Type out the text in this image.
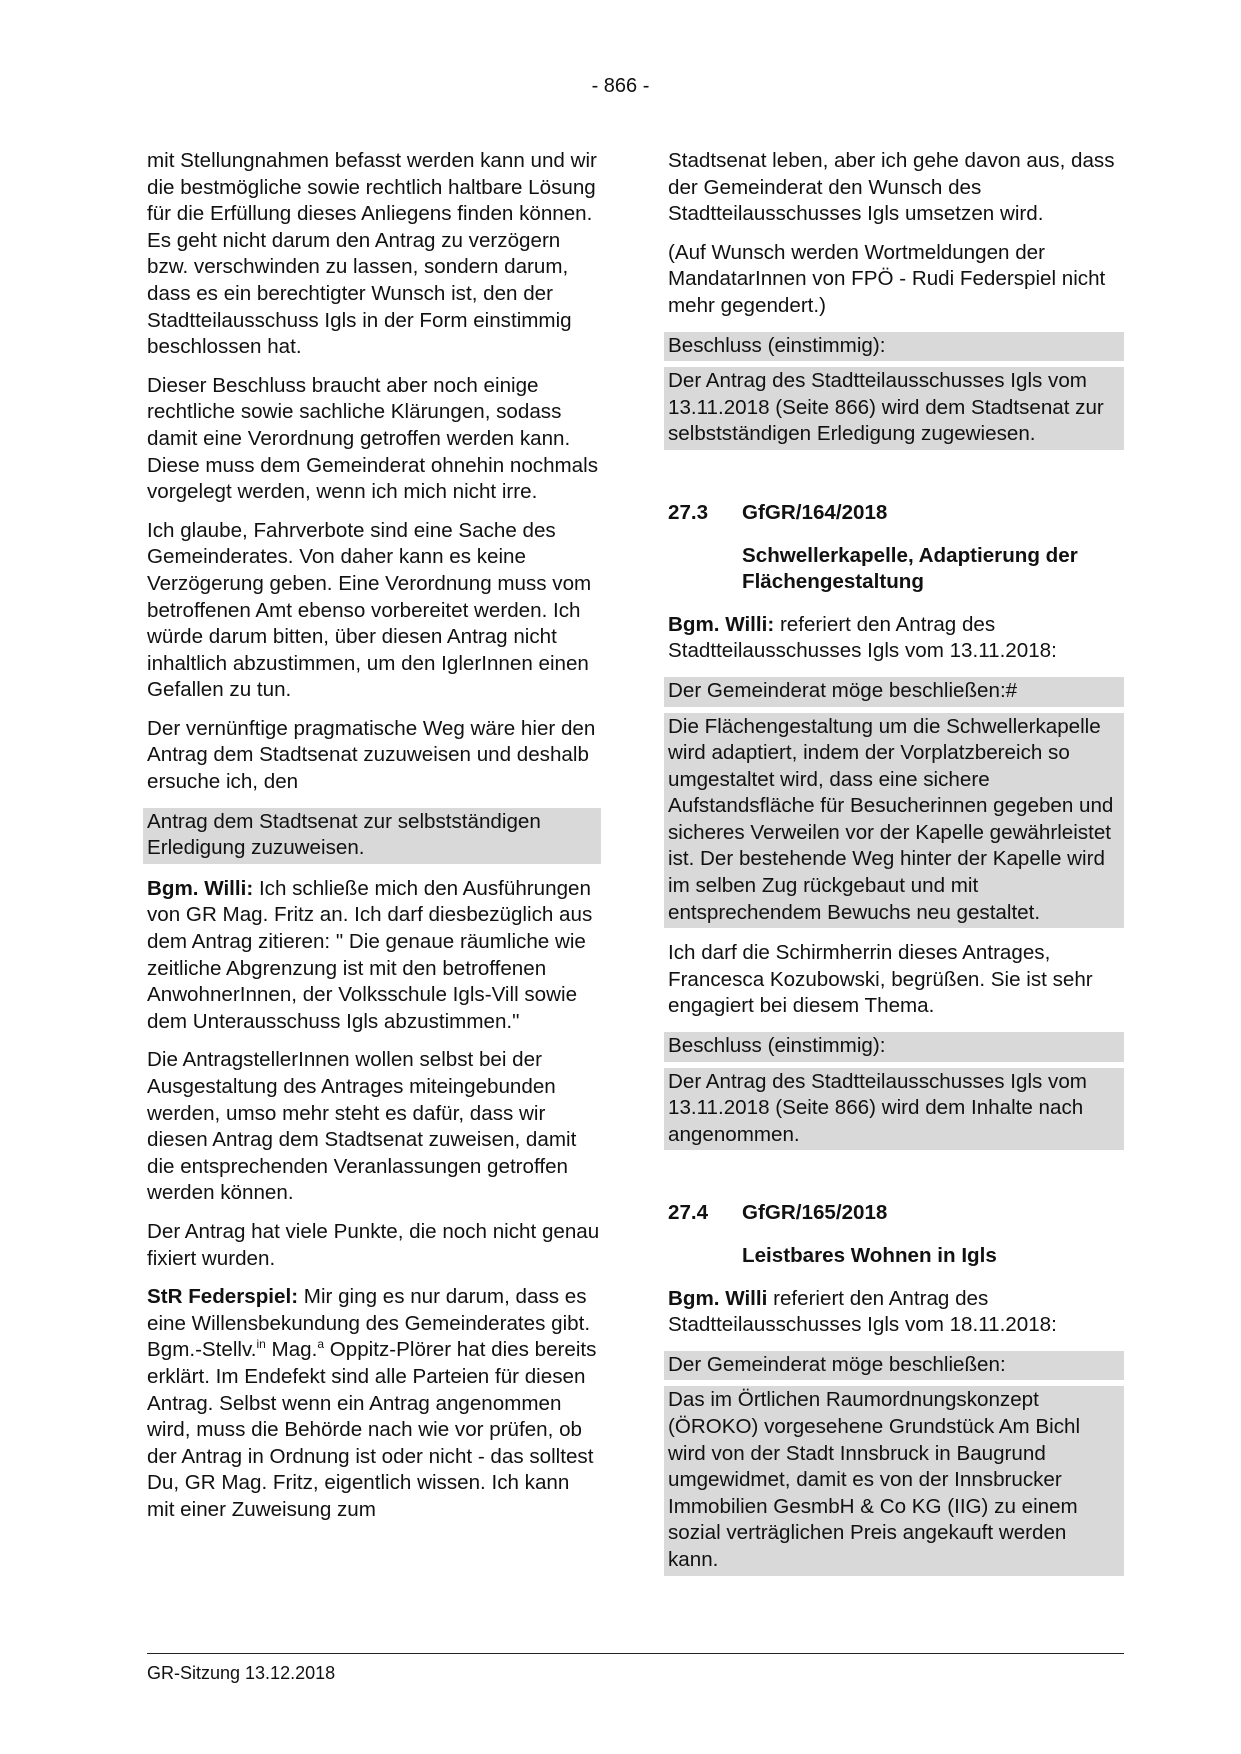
- 866 -

mit Stellungnahmen befasst werden kann und wir die bestmögliche sowie rechtlich haltbare Lösung für die Erfüllung dieses Anliegens finden können. Es geht nicht darum den Antrag zu verzögern bzw. verschwinden zu lassen, sondern darum, dass es ein berechtigter Wunsch ist, den der Stadtteilausschuss Igls in der Form einstimmig beschlossen hat.

Dieser Beschluss braucht aber noch einige rechtliche sowie sachliche Klärungen, sodass damit eine Verordnung getroffen werden kann. Diese muss dem Gemeinderat ohnehin nochmals vorgelegt werden, wenn ich mich nicht irre.

Ich glaube, Fahrverbote sind eine Sache des Gemeinderates. Von daher kann es keine Verzögerung geben. Eine Verordnung muss vom betroffenen Amt ebenso vorbereitet werden. Ich würde darum bitten, über diesen Antrag nicht inhaltlich abzustimmen, um den IglerInnen einen Gefallen zu tun.

Der vernünftige pragmatische Weg wäre hier den Antrag dem Stadtsenat zuzuweisen und deshalb ersuche ich, den

Antrag dem Stadtsenat zur selbstständigen Erledigung zuzuweisen.

Bgm. Willi: Ich schließe mich den Ausführungen von GR Mag. Fritz an. Ich darf diesbezüglich aus dem Antrag zitieren: " Die genaue räumliche wie zeitliche Abgrenzung ist mit den betroffenen AnwohnerInnen, der Volksschule Igls-Vill sowie dem Unterausschuss Igls abzustimmen."

Die AntragstellerInnen wollen selbst bei der Ausgestaltung des Antrages miteingebunden werden, umso mehr steht es dafür, dass wir diesen Antrag dem Stadtsenat zuweisen, damit die entsprechenden Veranlassungen getroffen werden können.

Der Antrag hat viele Punkte, die noch nicht genau fixiert wurden.

StR Federspiel: Mir ging es nur darum, dass es eine Willensbekundung des Gemeinderates gibt. Bgm.-Stellv.$^{in}$ Mag.$^a$ Oppitz-Plörer hat dies bereits erklärt. Im Endefekt sind alle Parteien für diesen Antrag. Selbst wenn ein Antrag angenommen wird, muss die Behörde nach wie vor prüfen, ob der Antrag in Ordnung ist oder nicht - das solltest Du, GR Mag. Fritz, eigentlich wissen. Ich kann mit einer Zuweisung zum

Stadtsenat leben, aber ich gehe davon aus, dass der Gemeinderat den Wunsch des Stadtteilausschusses Igls umsetzen wird.

(Auf Wunsch werden Wortmeldungen der MandatarInnen von FPÖ - Rudi Federspiel nicht mehr gegendert.)

Beschluss (einstimmig):

Der Antrag des Stadtteilausschusses Igls vom 13.11.2018 (Seite 866) wird dem Stadtsenat zur selbstständigen Erledigung zugewiesen.

27.3	GfGR/164/2018
Schwellerkapelle, Adaptierung der Flächengestaltung

Bgm. Willi: referiert den Antrag des Stadtteilausschusses Igls vom 13.11.2018:

Der Gemeinderat möge beschließen:#

Die Flächengestaltung um die Schwellerkapelle wird adaptiert, indem der Vorplatzbereich so umgestaltet wird, dass eine sichere Aufstandsfläche für Besucherinnen gegeben und sicheres Verweilen vor der Kapelle gewährleistet ist. Der bestehende Weg hinter der Kapelle wird im selben Zug rückgebaut und mit entsprechendem Bewuchs neu gestaltet.

Ich darf die Schirmherrin dieses Antrages, Francesca Kozubowski, begrüßen. Sie ist sehr engagiert bei diesem Thema.

Beschluss (einstimmig):

Der Antrag des Stadtteilausschusses Igls vom 13.11.2018 (Seite 866) wird dem Inhalte nach angenommen.

27.4	GfGR/165/2018
Leistbares Wohnen in Igls

Bgm. Willi referiert den Antrag des Stadtteilausschusses Igls vom 18.11.2018:

Der Gemeinderat möge beschließen:

Das im Örtlichen Raumordnungskonzept (ÖROKO) vorgesehene Grundstück Am Bichl wird von der Stadt Innsbruck in Baugrund umgewidmet, damit es von der Innsbrucker Immobilien GesmbH & Co KG (IIG) zu einem sozial verträglichen Preis angekauft werden kann.

GR-Sitzung 13.12.2018
